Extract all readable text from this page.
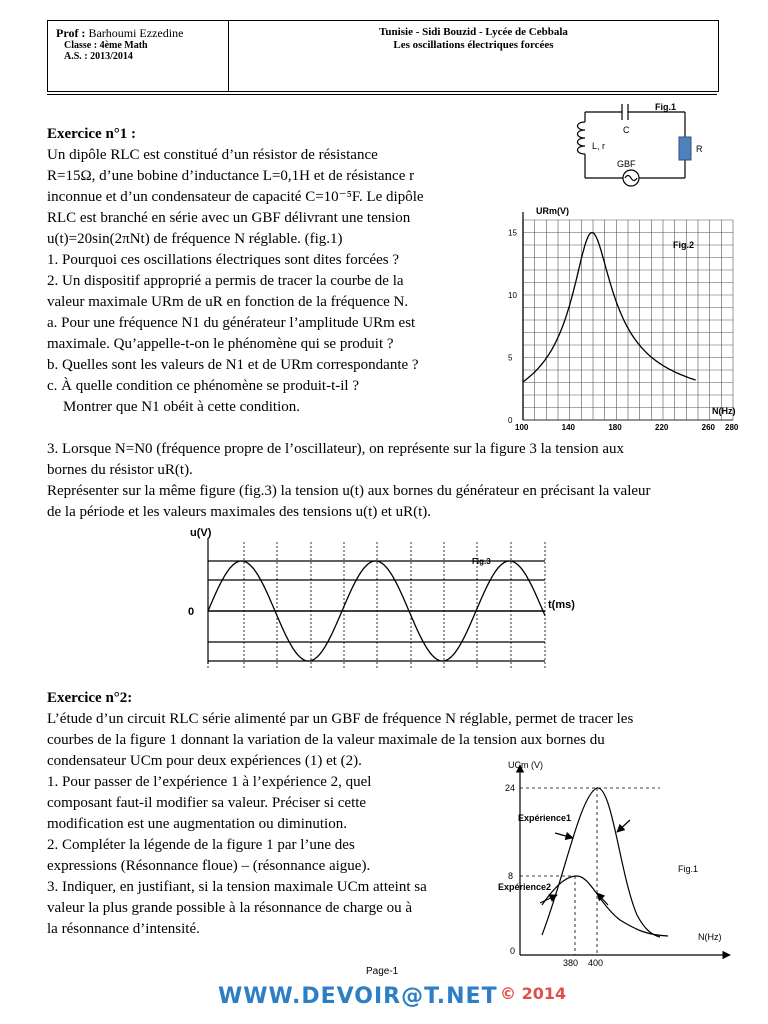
Prof : Barhoumi Ezzedine
Classe : 4ème Math
A.S. : 2013/2014
Tunisie - Sidi Bouzid - Lycée de Cebbala
Les oscillations électriques forcées
Exercice n°1 :
Un dipôle RLC est constitué d’un résistor de résistance
R=15Ω, d’une bobine d’inductance L=0,1H et de résistance r
inconnue et d’un condensateur de capacité C=10⁻⁵F. Le dipôle
RLC est branché en série avec un GBF délivrant une tension
u(t)=20sin(2πNt) de fréquence N réglable. (fig.1)
1. Pourquoi ces oscillations électriques sont dites forcées ?
2. Un dispositif approprié a permis de tracer la courbe de la
valeur maximale URm de uR en fonction de la fréquence N.
a. Pour une fréquence N1 du générateur l’amplitude URm est
maximale. Qu’appelle-t-on le phénomène qui se produit ?
b. Quelles sont les valeurs de N1 et de URm correspondante ?
c. À quelle condition ce phénomène se produit-t-il ?
Montrer que N1 obéit à cette condition.
Fig.1
C
L, r	R
GBF
15
10
5
0
100	140	180	220	260 280
URm(V)
N(Hz)
Fig.2
3. Lorsque N=N0 (fréquence propre de l’oscillateur), on représente sur la figure 3 la tension aux
bornes du résistor uR(t).
Représenter sur la même figure (fig.3) la tension u(t) aux bornes du générateur en précisant la valeur
de la période et les valeurs maximales des tensions u(t) et uR(t).
u(V)
0
t(ms)
Fig.3
Exercice n°2:
L’étude d’un circuit RLC série alimenté par un GBF de fréquence N réglable, permet de tracer les
courbes de la figure 1 donnant la variation de la valeur maximale de la tension aux bornes du
condensateur UCm pour deux expériences (1) et (2).
1. Pour passer de l’expérience 1 à l’expérience 2, quel
composant faut-il modifier sa valeur. Préciser si cette
modification est une augmentation ou diminution.
2. Compléter la légende de la figure 1 par l’une des
expressions (Résonnance floue) – (résonnance aigue).
3. Indiquer, en justifiant, si la tension maximale UCm atteint sa
valeur la plus grande possible à la résonnance de charge ou à
la résonnance d’intensité.
UCm (V)
N(Hz)
24
8
0
380 400
Expérience1
Expérience2
Fig.1
Page-1
WWW.DEVOIR@T.NET © 2014
